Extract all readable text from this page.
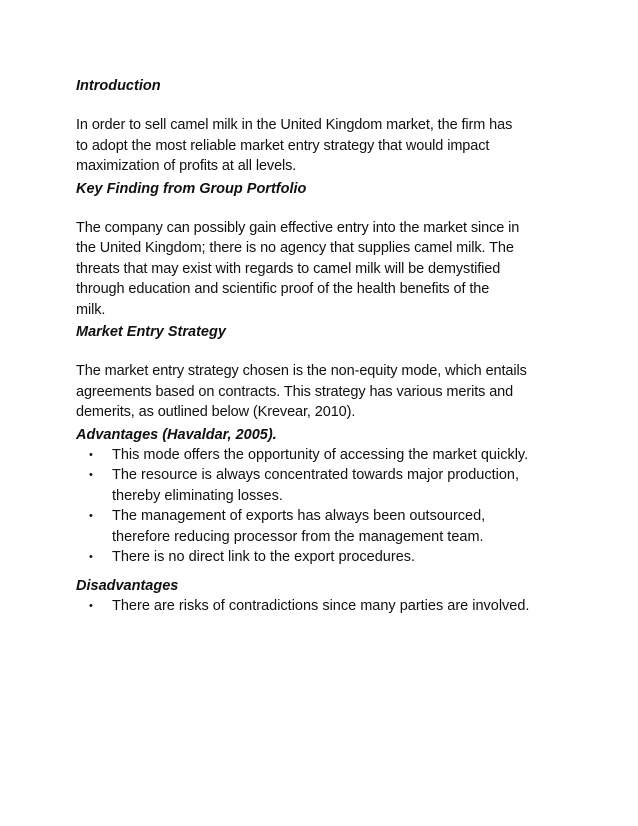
Introduction

In order to sell camel milk in the United Kingdom market, the firm has
to adopt the most reliable market entry strategy that would impact
maximization of profits at all levels.

Key Finding from Group Portfolio

The company can possibly gain effective entry into the market since in
the United Kingdom; there is no agency that supplies camel milk. The
threats that may exist with regards to camel milk will be demystified
through education and scientific proof of the health benefits of the
milk.

Market Entry Strategy

The market entry strategy chosen is the non-equity mode, which entails
agreements based on contracts. This strategy has various merits and
demerits, as outlined below (Krevear, 2010).

Advantages (Havaldar, 2005).

• This mode offers the opportunity of accessing the market quickly.
• The resource is always concentrated towards major production,
thereby eliminating losses.
• The management of exports has always been outsourced,
therefore reducing processor from the management team.
• There is no direct link to the export procedures.

Disadvantages

• There are risks of contradictions since many parties are involved.
